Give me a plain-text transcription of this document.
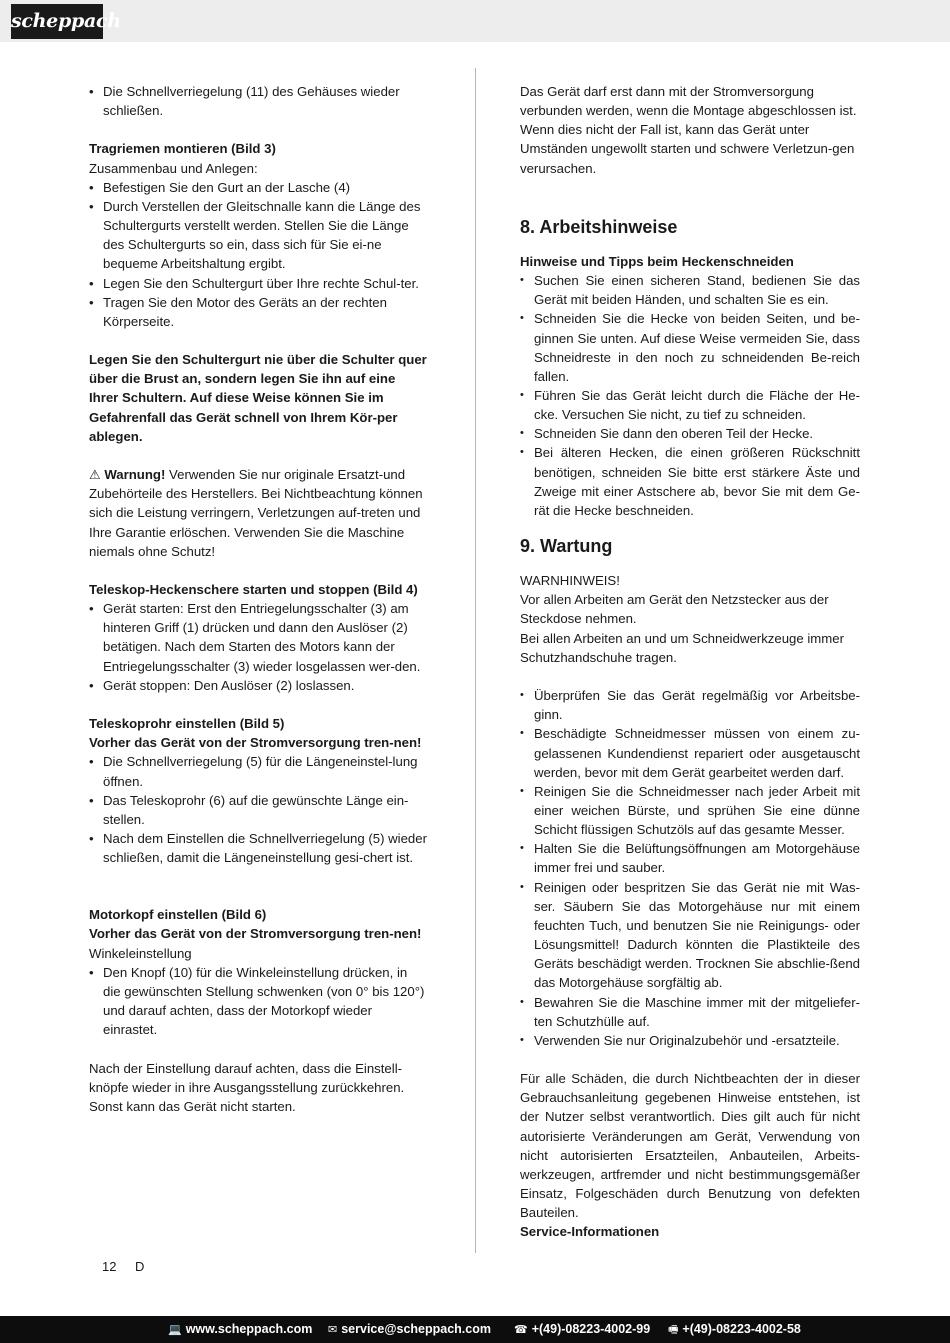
scheppach
• Die Schnellverriegelung (11) des Gehäuses wieder schließen.

Tragriemen montieren (Bild 3)

Zusammenbau und Anlegen:

• Befestigen Sie den Gurt an der Lasche (4)
• Durch Verstellen der Gleitschnalle kann die Länge des Schultergurts verstellt werden. Stellen Sie die Länge des Schultergurts so ein, dass sich für Sie ei-ne bequeme Arbeitshaltung ergibt.
• Legen Sie den Schultergurt über Ihre rechte Schul-ter.
• Tragen Sie den Motor des Geräts an der rechten Körperseite.

Legen Sie den Schultergurt nie über die Schulter quer über die Brust an, sondern legen Sie ihn auf eine Ihrer Schultern. Auf diese Weise können Sie im Gefahrenfall das Gerät schnell von Ihrem Kör-per ablegen.

⚠ Warnung! Verwenden Sie nur originale Ersatzt-und Zubehörteile des Herstellers. Bei Nichtbeachtung können sich die Leistung verringern, Verletzungen auf-treten und Ihre Garantie erlöschen. Verwenden Sie die Maschine niemals ohne Schutz!

Teleskop-Heckenschere starten und stoppen (Bild 4)

• Gerät starten: Erst den Entriegelungsschalter (3) am hinteren Griff (1) drücken und dann den Auslöser (2) betätigen. Nach dem Starten des Motors kann der Entriegelungsschalter (3) wieder losgelassen wer-den.
• Gerät stoppen: Den Auslöser (2) loslassen.

Teleskoprohr einstellen (Bild 5)

Vorher das Gerät von der Stromversorgung tren-nen!

• Die Schnellverriegelung (5) für die Längeneinstel-lung öffnen.
• Das Teleskoprohr (6) auf die gewünschte Länge ein-stellen.
• Nach dem Einstellen die Schnellverriegelung (5) wieder schließen, damit die Längeneinstellung gesi-chert ist.

Motorkopf einstellen (Bild 6)

Vorher das Gerät von der Stromversorgung tren-nen!

Winkeleinstellung

• Den Knopf (10) für die Winkeleinstellung drücken, in die gewünschten Stellung schwenken (von 0° bis 120°) und darauf achten, dass der Motorkopf wieder einrastet.

Nach der Einstellung darauf achten, dass die Einstell-knöpfe wieder in ihre Ausgangsstellung zurückkehren. Sonst kann das Gerät nicht starten.

Das Gerät darf erst dann mit der Stromversorgung verbunden werden, wenn die Montage abgeschlossen ist. Wenn dies nicht der Fall ist, kann das Gerät unter Umständen ungewollt starten und schwere Verletzun-gen verursachen.

8. Arbeitshinweise

Hinweise und Tipps beim Heckenschneiden

• Suchen Sie einen sicheren Stand, bedienen Sie das Gerät mit beiden Händen, und schalten Sie es ein.
• Schneiden Sie die Hecke von beiden Seiten, und be-ginnen Sie unten. Auf diese Weise vermeiden Sie, dass Schneidreste in den noch zu schneidenden Be-reich fallen.
• Führen Sie das Gerät leicht durch die Fläche der He-cke. Versuchen Sie nicht, zu tief zu schneiden.
• Schneiden Sie dann den oberen Teil der Hecke.
• Bei älteren Hecken, die einen größeren Rückschnitt benötigen, schneiden Sie bitte erst stärkere Äste und Zweige mit einer Astschere ab, bevor Sie mit dem Ge-rät die Hecke beschneiden.
9. Wartung

WARNHINWEIS!

Vor allen Arbeiten am Gerät den Netzstecker aus der Steckdose nehmen.

Bei allen Arbeiten an und um Schneidwerkzeuge immer Schutzhandschuhe tragen.

• Überprüfen Sie das Gerät regelmäßig vor Arbeitsbe-ginn.
• Beschädigte Schneidmesser müssen von einem zu-gelassenen Kundendienst repariert oder ausgetauscht werden, bevor mit dem Gerät gearbeitet werden darf.
• Reinigen Sie die Schneidmesser nach jeder Arbeit mit einer weichen Bürste, und sprühen Sie eine dünne Schicht flüssigen Schutzöls auf das gesamte Messer.
• Halten Sie die Belüftungsöffnungen am Motorgehäuse immer frei und sauber.
• Reinigen oder bespritzen Sie das Gerät nie mit Was-ser. Säubern Sie das Motorgehäuse nur mit einem feuchten Tuch, und benutzen Sie nie Reinigungs- oder Lösungsmittel! Dadurch könnten die Plastikteile des Geräts beschädigt werden. Trocknen Sie abschlie-ßend das Motorgehäuse sorgfältig ab.
• Bewahren Sie die Maschine immer mit der mitgeliefer-ten Schutzhülle auf.
• Verwenden Sie nur Originalzubehör und -ersatzteile.

Für alle Schäden, die durch Nichtbeachten der in dieser Gebrauchsanleitung gegebenen Hinweise entstehen, ist der Nutzer selbst verantwortlich. Dies gilt auch für nicht autorisierte Veränderungen am Gerät, Verwendung von nicht autorisierten Ersatzteilen, Anbauteilen, Arbeits-werkzeugen, artfremder und nicht bestimmungsgemäßer Einsatz, Folgeschäden durch Benutzung von defekten Bauteilen.

Service-Informationen

12 D
💻 www.scheppach.com ✉ service@scheppach.com ☎ +(49)-08223-4002-99 🖷 +(49)-08223-4002-58
